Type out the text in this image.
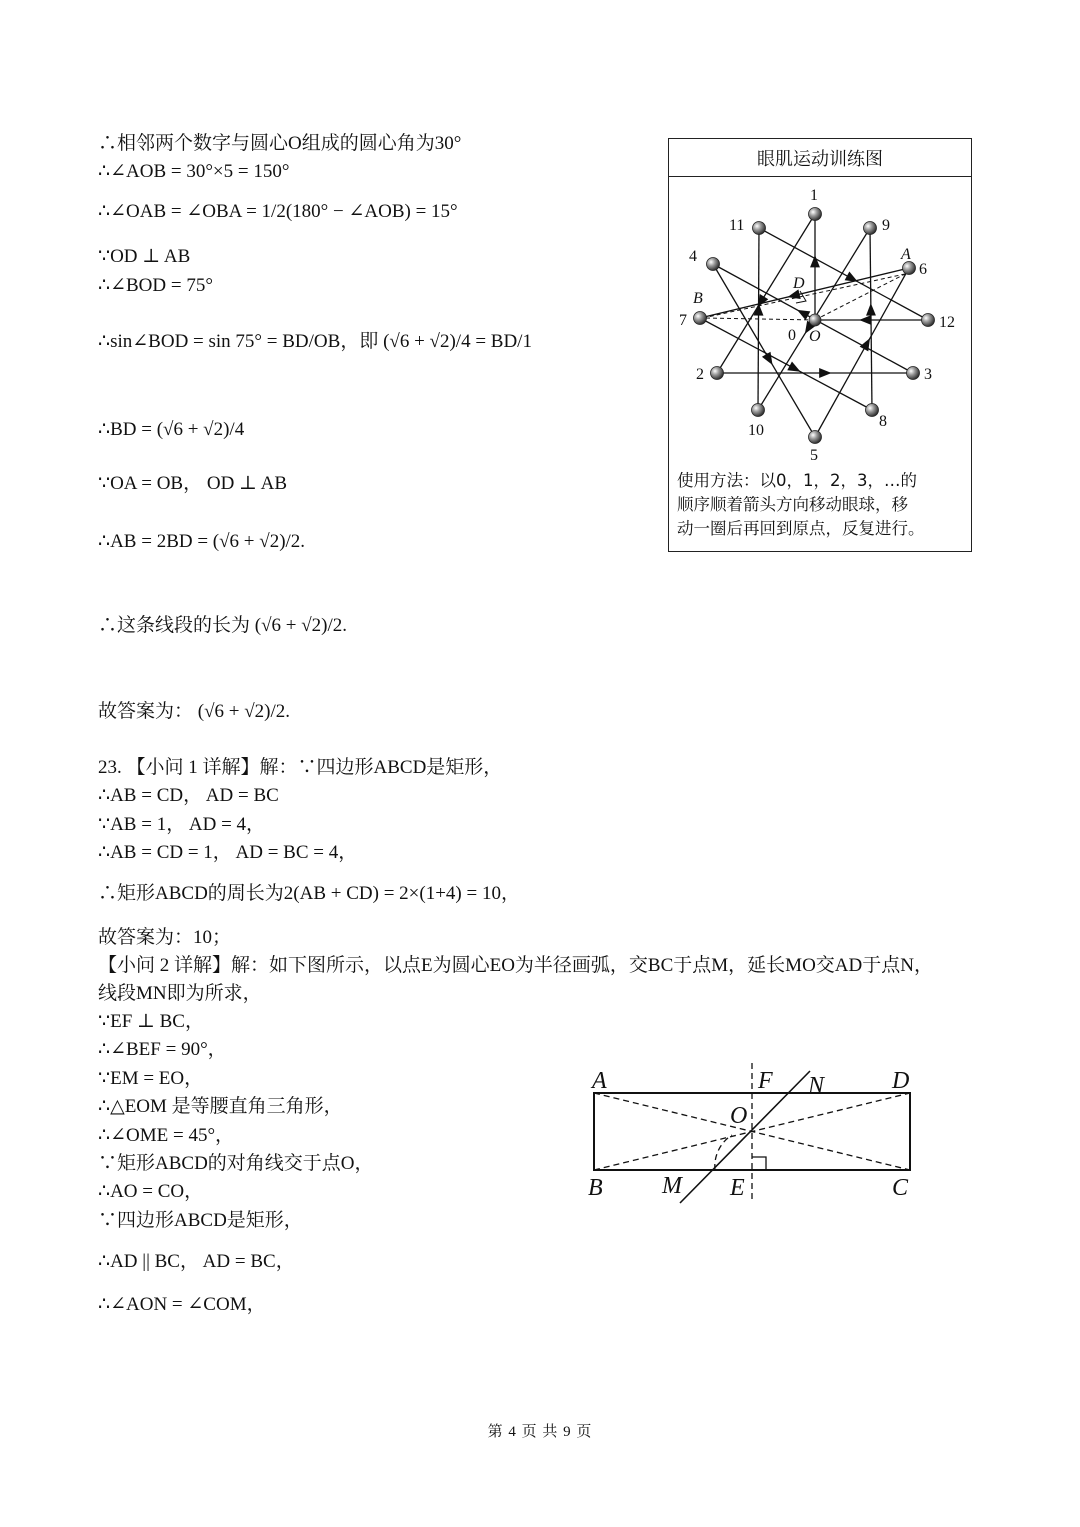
∴相邻两个数字与圆心O组成的圆心角为30°
∴∠AOB = 30°×5 = 150°
∴∠OAB = ∠OBA = 1/2(180° − ∠AOB) = 15°
∵OD ⊥ AB
∴∠BOD = 75°
∴sin∠BOD = sin 75° = BD/OB，即 (√6 + √2)/4 = BD/1
∴BD = (√6 + √2)/4
∵OA = OB， OD ⊥ AB
∴AB = 2BD = (√6 + √2)/2.
∴这条线段的长为 (√6 + √2)/2.
故答案为： (√6 + √2)/2.
23. 【小问 1 详解】解：∵四边形ABCD是矩形，
∴AB = CD， AD = BC
∵AB = 1， AD = 4，
∴AB = CD = 1， AD = BC = 4，
∴矩形ABCD的周长为2(AB + CD) = 2×(1+4) = 10，
故答案为：10；
【小问 2 详解】解：如下图所示，以点E为圆心EO为半径画弧，交BC于点M，延长MO交AD于点N，
线段MN即为所求，
∵EF ⊥ BC，
∴∠BEF = 90°，
∵EM = EO，
∴△EOM 是等腰直角三角形，
∴∠OME = 45°，
∵矩形ABCD的对角线交于点O，
∴AO = CO，
∵四边形ABCD是矩形，
∴AD || BC， AD = BC，
∴∠AON = ∠COM，
眼肌运动训练图
0
1
2	3
4
5
6
7
8
9
10
11
12
A
B
D
O
使用方法：以0，1，2，3，…的
顺序顺着箭头方向移动眼球，移
动一圈后再回到原点，反复进行。
A	F N	D
O
B M E	C
第 4 页 共 9 页
